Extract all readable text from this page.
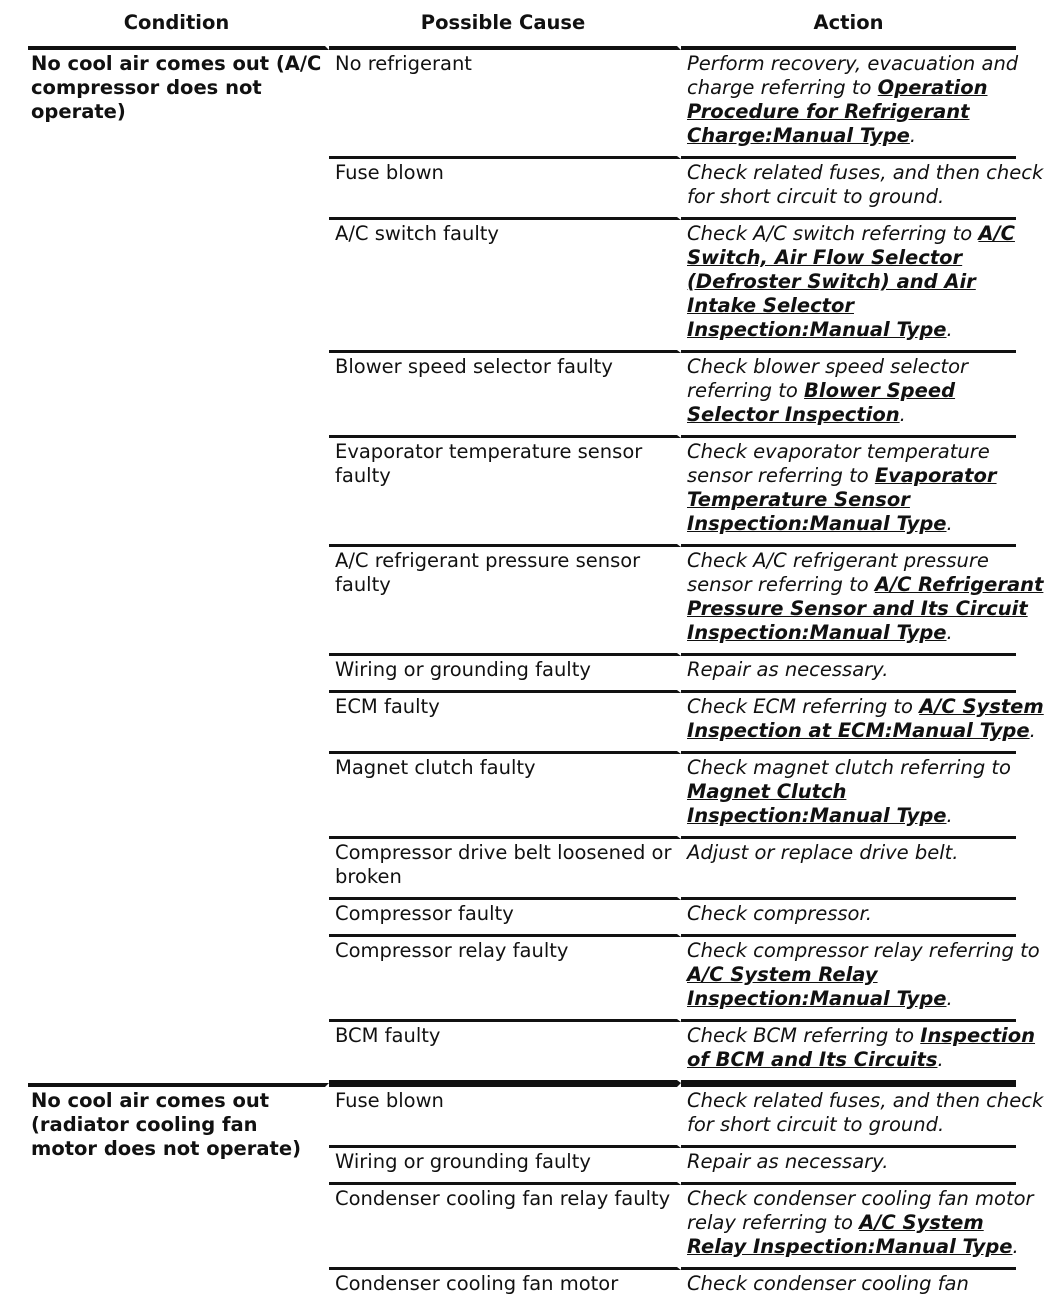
Condition	Possible Cause	Action
No cool air comes out (A/C compressor does not operate)	No refrigerant	Perform recovery, evacuation and charge referring to Operation Procedure for Refrigerant Charge:Manual Type.

	Fuse blown	Check related fuses, and then check for short circuit to ground.

	A/C switch faulty	Check A/C switch referring to A/C Switch, Air Flow Selector (Defroster Switch) and Air Intake Selector Inspection:Manual Type.

	Blower speed selector faulty	Check blower speed selector referring to Blower Speed Selector Inspection.

	Evaporator temperature sensor faulty	Check evaporator temperature sensor referring to Evaporator Temperature Sensor Inspection:Manual Type.

	A/C refrigerant pressure sensor faulty	Check A/C refrigerant pressure sensor referring to A/C Refrigerant Pressure Sensor and Its Circuit Inspection:Manual Type.

	Wiring or grounding faulty	Repair as necessary.

	ECM faulty	Check ECM referring to A/C System Inspection at ECM:Manual Type.

	Magnet clutch faulty	Check magnet clutch referring to Magnet Clutch Inspection:Manual Type.

	Compressor drive belt loosened or broken	Adjust or replace drive belt.

	Compressor faulty	Check compressor.

	Compressor relay faulty	Check compressor relay referring to A/C System Relay Inspection:Manual Type.

	BCM faulty	Check BCM referring to Inspection of BCM and Its Circuits.

No cool air comes out (radiator cooling fan motor does not operate)	Fuse blown	Check related fuses, and then check for short circuit to ground.

	Wiring or grounding faulty	Repair as necessary.

	Condenser cooling fan relay faulty	Check condenser cooling fan motor relay referring to A/C System Relay Inspection:Manual Type.

	Condenser cooling fan motor	Check condenser cooling fan
